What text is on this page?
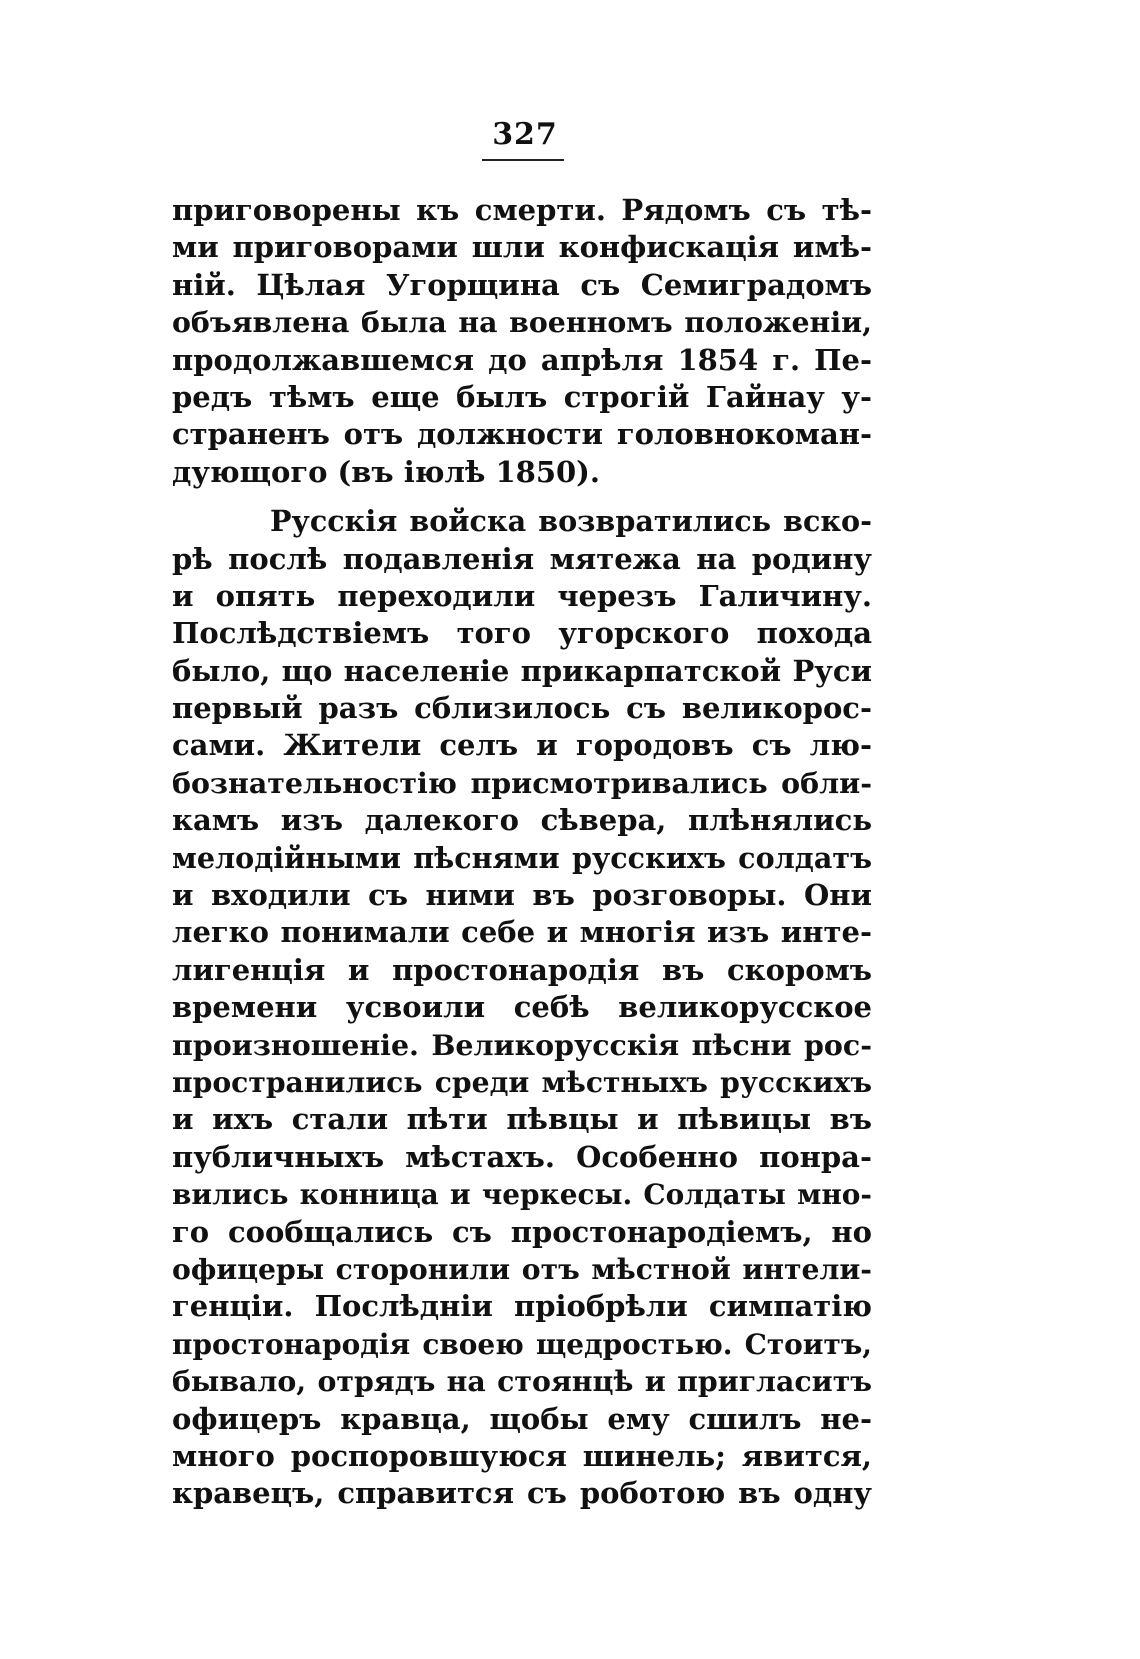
327
приговорены къ смерти. Рядомъ съ тѣ-
ми приговорами шли конфискація имѣ-
ній. Цѣлая Угорщина съ Семиградомъ
объявлена была на военномъ положеніи,
продолжавшемся до апрѣля 1854 г. Пе-
редъ тѣмъ еще былъ строгій Гайнау у-
страненъ отъ должности головнокоман-
дующого (въ іюлѣ 1850).
Русскія войска возвратились вско-
рѣ послѣ подавленія мятежа на родину
и опять переходили черезъ Галичину.
Послѣдствіемъ того угорского похода
было, що населеніе прикарпатской Руси
первый разъ сблизилось съ великорос-
сами. Жители селъ и городовъ съ лю-
бознательностію присмотривались обли-
камъ изъ далекого сѣвера, плѣнялись
мелодійными пѣснями русскихъ солдатъ
и входили съ ними въ розговоры. Они
легко понимали себе и многія изъ инте-
лигенція и простонародія въ скоромъ
времени усвоили себѣ великорусское
произношеніе. Великорусскія пѣсни рос-
пространились среди мѣстныхъ русскихъ
и ихъ стали пѣти пѣвцы и пѣвицы въ
публичныхъ мѣстахъ. Особенно понра-
вились конница и черкесы. Солдаты мно-
го сообщались съ простонародіемъ, но
офицеры сторонили отъ мѣстной интели-
генціи. Послѣдніи пріобрѣли симпатію
простонародія своею щедростью. Стоитъ,
бывало, отрядъ на стоянцѣ и пригласитъ
офицеръ кравца, щобы ему сшилъ не-
много роспоровшуюся шинель; явится,
кравецъ, справится съ роботою въ одну
